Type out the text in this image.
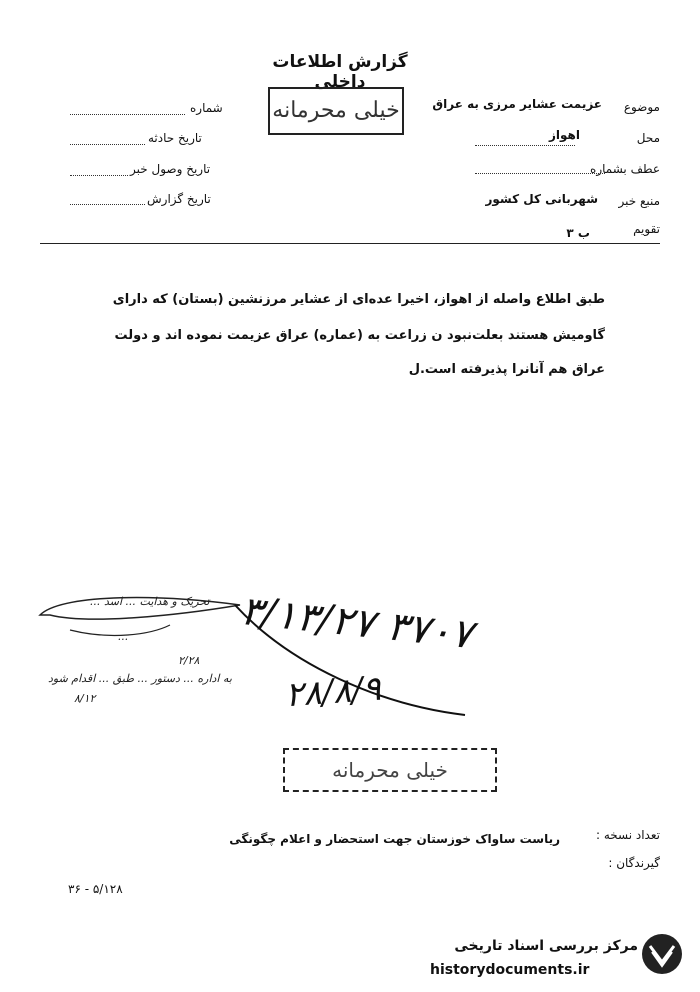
گزارش اطلاعات داخلی
خیلی محرمانه	موضوع
عزیمت عشایر مرزی به عراق
محل
اهواز
عطف بشماره
منبع خبر
شهربانی کل کشور
تقویم
ب ۳
شماره
تاریخ حادثه
تاریخ وصول خبر
تاریخ گزارش
طبق اطلاع واصله از اهواز، اخیرا عده‌ای از عشایر مرزنشین (بستان) که دارای
گاومیش هستند بعلت‌نبود ن زراعت به (عماره) عراق عزیمت نموده اند و دولت
عراق هم آنانرا پذیرفته است.ل
تحریک و هدایت ... اسد ...
...
به اداره ... دستور ... طبق ... اقدام شود
۸/۱۲
۲/۲۸
۳/۱۳/۲۷ ۳۷۰۷
۲۸/۸/۹
خیلی محرمانه
تعداد نسخه :
ریاست ساواک خوزستان جهت استحضار و اعلام چگونگی
گیرندگان :
۳۶ - ۵/۱۲۸
مرکز بررسی اسناد تاریخی
historydocuments.ir
